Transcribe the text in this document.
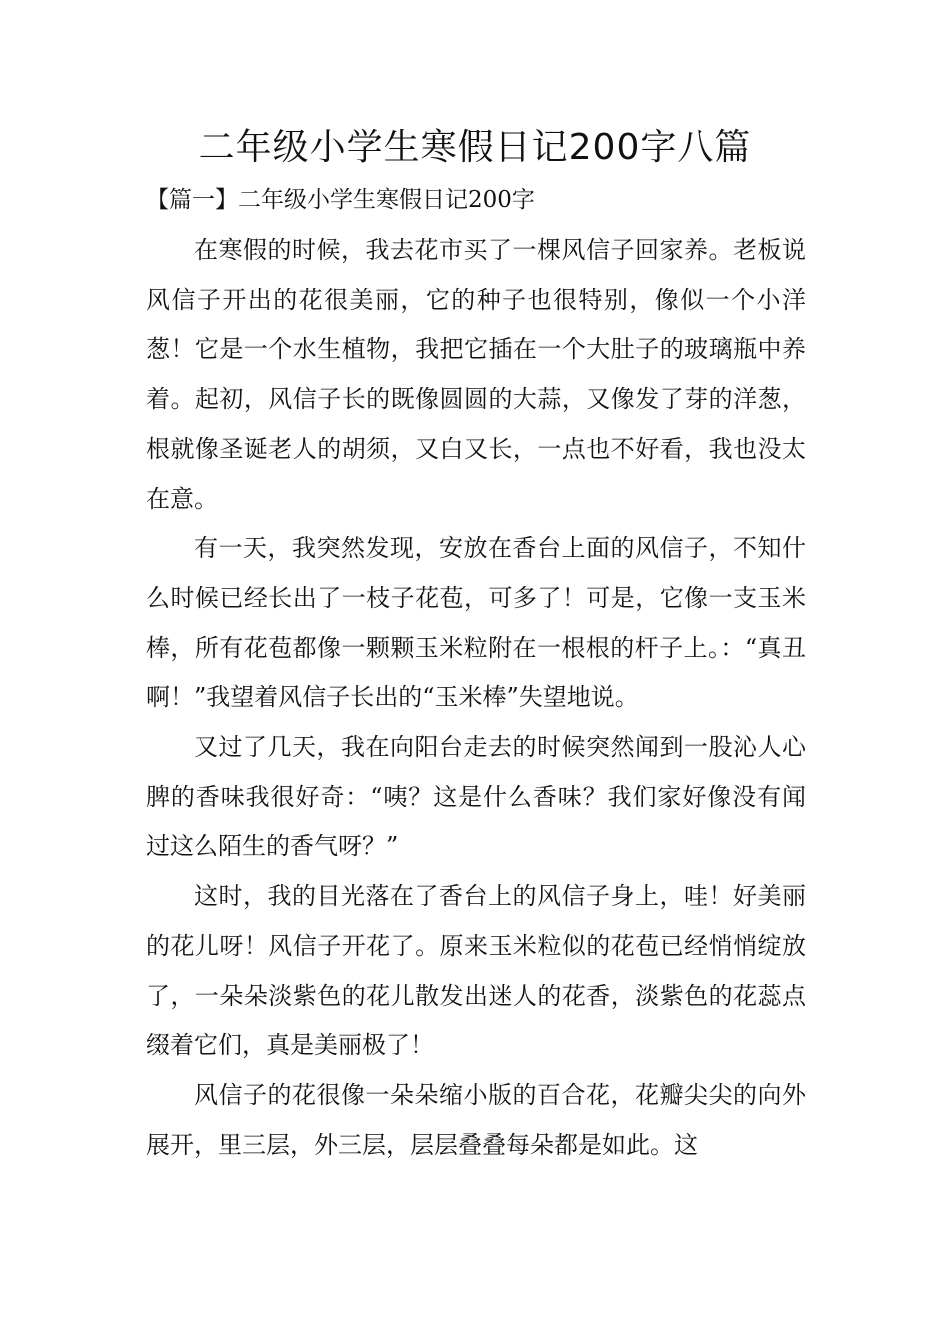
二年级小学生寒假日记200字八篇
【篇一】二年级小学生寒假日记200字

在寒假的时候，我去花市买了一棵风信子回家养。老板说风信子开出的花很美丽，它的种子也很特别，像似一个小洋葱！它是一个水生植物，我把它插在一个大肚子的玻璃瓶中养着。起初，风信子长的既像圆圆的大蒜，又像发了芽的洋葱，根就像圣诞老人的胡须，又白又长，一点也不好看，我也没太在意。

有一天，我突然发现，安放在香台上面的风信子，不知什么时候已经长出了一枝子花苞，可多了！可是，它像一支玉米棒，所有花苞都像一颗颗玉米粒附在一根根的杆子上。：“真丑啊！”我望着风信子长出的“玉米棒”失望地说。

又过了几天，我在向阳台走去的时候突然闻到一股沁人心脾的香味我很好奇：“咦？这是什么香味？我们家好像没有闻过这么陌生的香气呀？”

这时，我的目光落在了香台上的风信子身上，哇！好美丽的花儿呀！风信子开花了。原来玉米粒似的花苞已经悄悄绽放了，一朵朵淡紫色的花儿散发出迷人的花香，淡紫色的花蕊点缀着它们，真是美丽极了！

风信子的花很像一朵朵缩小版的百合花，花瓣尖尖的向外展开，里三层，外三层，层层叠叠每朵都是如此。这
